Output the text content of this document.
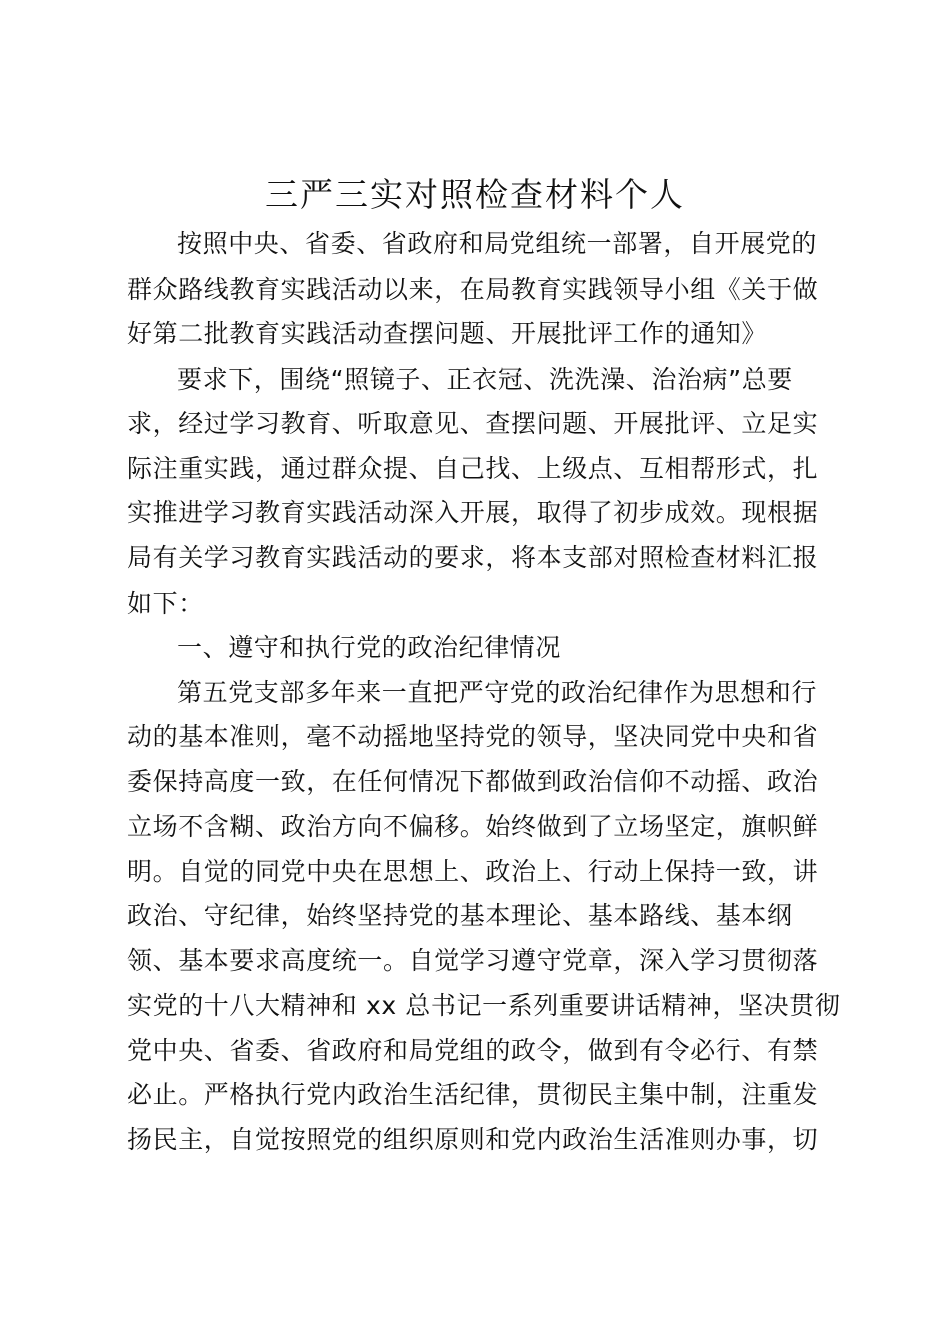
三严三实对照检查材料个人
按照中央、省委、省政府和局党组统一部署，自开展党的
群众路线教育实践活动以来，在局教育实践领导小组《关于做
好第二批教育实践活动查摆问题、开展批评工作的通知》
要求下，围绕“照镜子、正衣冠、洗洗澡、治治病”总要
求，经过学习教育、听取意见、查摆问题、开展批评、立足实
际注重实践，通过群众提、自己找、上级点、互相帮形式，扎
实推进学习教育实践活动深入开展，取得了初步成效。现根据
局有关学习教育实践活动的要求，将本支部对照检查材料汇报
如下：
一、遵守和执行党的政治纪律情况
第五党支部多年来一直把严守党的政治纪律作为思想和行
动的基本准则，毫不动摇地坚持党的领导，坚决同党中央和省
委保持高度一致，在任何情况下都做到政治信仰不动摇、政治
立场不含糊、政治方向不偏移。始终做到了立场坚定，旗帜鲜
明。自觉的同党中央在思想上、政治上、行动上保持一致，讲
政治、守纪律，始终坚持党的基本理论、基本路线、基本纲
领、基本要求高度统一。自觉学习遵守党章，深入学习贯彻落
实党的十八大精神和 xx 总书记一系列重要讲话精神，坚决贯彻
党中央、省委、省政府和局党组的政令，做到有令必行、有禁
必止。严格执行党内政治生活纪律，贯彻民主集中制，注重发
扬民主，自觉按照党的组织原则和党内政治生活准则办事，切
